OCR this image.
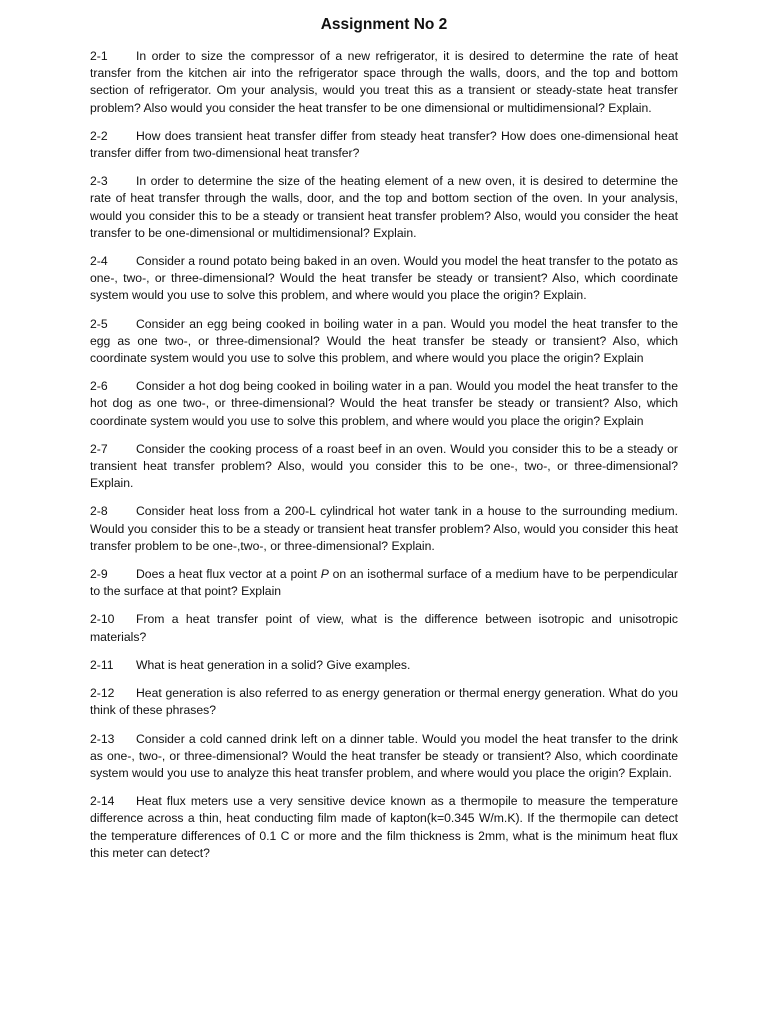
Assignment No 2

2-1 In order to size the compressor of a new refrigerator, it is desired to determine the rate of heat transfer from the kitchen air into the refrigerator space through the walls, doors, and the top and bottom section of refrigerator. Om your analysis, would you treat this as a transient or steady-state heat transfer problem? Also would you consider the heat transfer to be one dimensional or multidimensional? Explain.

2-2 How does transient heat transfer differ from steady heat transfer? How does one-dimensional heat transfer differ from two-dimensional heat transfer?

2-3 In order to determine the size of the heating element of a new oven, it is desired to determine the rate of heat transfer through the walls, door, and the top and bottom section of the oven. In your analysis, would you consider this to be a steady or transient heat transfer problem? Also, would you consider the heat transfer to be one-dimensional or multidimensional? Explain.

2-4 Consider a round potato being baked in an oven. Would you model the heat transfer to the potato as one-, two-, or three-dimensional? Would the heat transfer be steady or transient? Also, which coordinate system would you use to solve this problem, and where would you place the origin? Explain.

2-5 Consider an egg being cooked in boiling water in a pan. Would you model the heat transfer to the egg as one two-, or three-dimensional? Would the heat transfer be steady or transient? Also, which coordinate system would you use to solve this problem, and where would you place the origin? Explain

2-6 Consider a hot dog being cooked in boiling water in a pan. Would you model the heat transfer to the hot dog as one two-, or three-dimensional? Would the heat transfer be steady or transient? Also, which coordinate system would you use to solve this problem, and where would you place the origin? Explain

2-7 Consider the cooking process of a roast beef in an oven. Would you consider this to be a steady or transient heat transfer problem? Also, would you consider this to be one-, two-, or three-dimensional? Explain.

2-8 Consider heat loss from a 200-L cylindrical hot water tank in a house to the surrounding medium. Would you consider this to be a steady or transient heat transfer problem? Also, would you consider this heat transfer problem to be one-,two-, or three-dimensional? Explain.

2-9 Does a heat flux vector at a point P on an isothermal surface of a medium have to be perpendicular to the surface at that point? Explain

2-10 From a heat transfer point of view, what is the difference between isotropic and unisotropic materials?

2-11 What is heat generation in a solid? Give examples.

2-12 Heat generation is also referred to as energy generation or thermal energy generation. What do you think of these phrases?

2-13 Consider a cold canned drink left on a dinner table. Would you model the heat transfer to the drink as one-, two-, or three-dimensional? Would the heat transfer be steady or transient? Also, which coordinate system would you use to analyze this heat transfer problem, and where would you place the origin? Explain.

2-14 Heat flux meters use a very sensitive device known as a thermopile to measure the temperature difference across a thin, heat conducting film made of kapton(k=0.345 W/m.K). If the thermopile can detect the temperature differences of 0.1 C or more and the film thickness is 2mm, what is the minimum heat flux this meter can detect?
